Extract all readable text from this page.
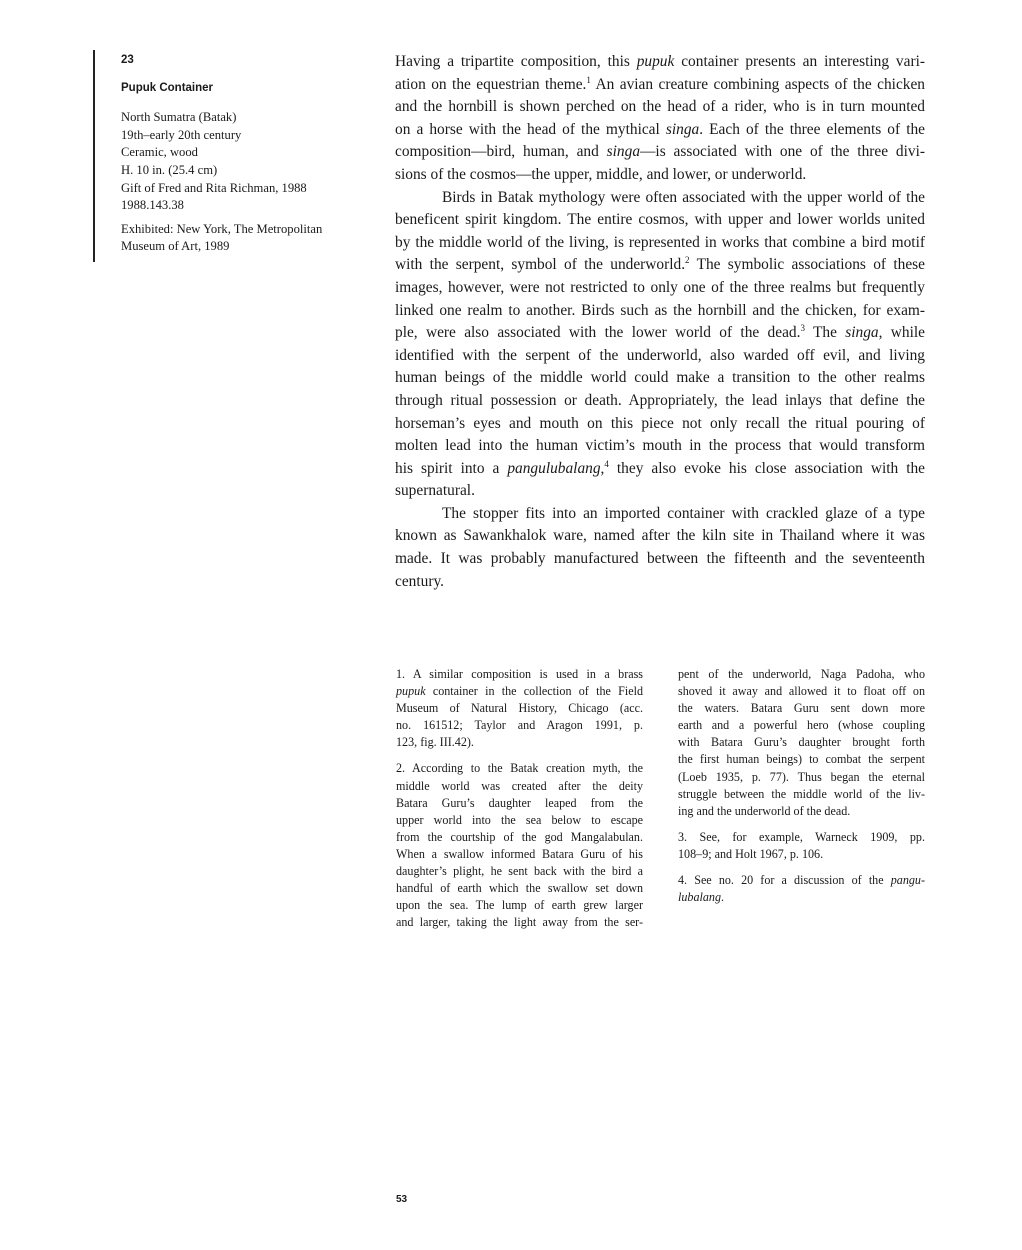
23
Pupuk Container
North Sumatra (Batak)
19th–early 20th century
Ceramic, wood
H. 10 in. (25.4 cm)
Gift of Fred and Rita Richman, 1988
1988.143.38
Exhibited: New York, The Metropolitan
Museum of Art, 1989
Having a tripartite composition, this pupuk container presents an interesting vari-
ation on the equestrian theme.$^1$ An avian creature combining aspects of the chicken
and the hornbill is shown perched on the head of a rider, who is in turn mounted
on a horse with the head of the mythical singa. Each of the three elements of the
composition—bird, human, and singa—is associated with one of the three divi-
sions of the cosmos—the upper, middle, and lower, or underworld.
Birds in Batak mythology were often associated with the upper world of the
beneficent spirit kingdom. The entire cosmos, with upper and lower worlds united
by the middle world of the living, is represented in works that combine a bird motif
with the serpent, symbol of the underworld.$^2$ The symbolic associations of these
images, however, were not restricted to only one of the three realms but frequently
linked one realm to another. Birds such as the hornbill and the chicken, for exam-
ple, were also associated with the lower world of the dead.$^3$ The singa, while
identified with the serpent of the underworld, also warded off evil, and living
human beings of the middle world could make a transition to the other realms
through ritual possession or death. Appropriately, the lead inlays that define the
horseman’s eyes and mouth on this piece not only recall the ritual pouring of
molten lead into the human victim’s mouth in the process that would transform
his spirit into a pangulubalang,$^4$ they also evoke his close association with the
supernatural.
The stopper fits into an imported container with crackled glaze of a type
known as Sawankhalok ware, named after the kiln site in Thailand where it was
made. It was probably manufactured between the fifteenth and the seventeenth
century.
1. A similar composition is used in a brass
pupuk container in the collection of the Field
Museum of Natural History, Chicago (acc.
no. 161512; Taylor and Aragon 1991, p.
123, fig. III.42).
2. According to the Batak creation myth, the
middle world was created after the deity
Batara Guru’s daughter leaped from the
upper world into the sea below to escape
from the courtship of the god Mangalabulan.
When a swallow informed Batara Guru of his
daughter’s plight, he sent back with the bird a
handful of earth which the swallow set down
upon the sea. The lump of earth grew larger
and larger, taking the light away from the ser-
pent of the underworld, Naga Padoha, who
shoved it away and allowed it to float off on
the waters. Batara Guru sent down more
earth and a powerful hero (whose coupling
with Batara Guru’s daughter brought forth
the first human beings) to combat the serpent
(Loeb 1935, p. 77). Thus began the eternal
struggle between the middle world of the liv-
ing and the underworld of the dead.
3. See, for example, Warneck 1909, pp.
108–9; and Holt 1967, p. 106.
4. See no. 20 for a discussion of the pangu-
lubalang.
53
